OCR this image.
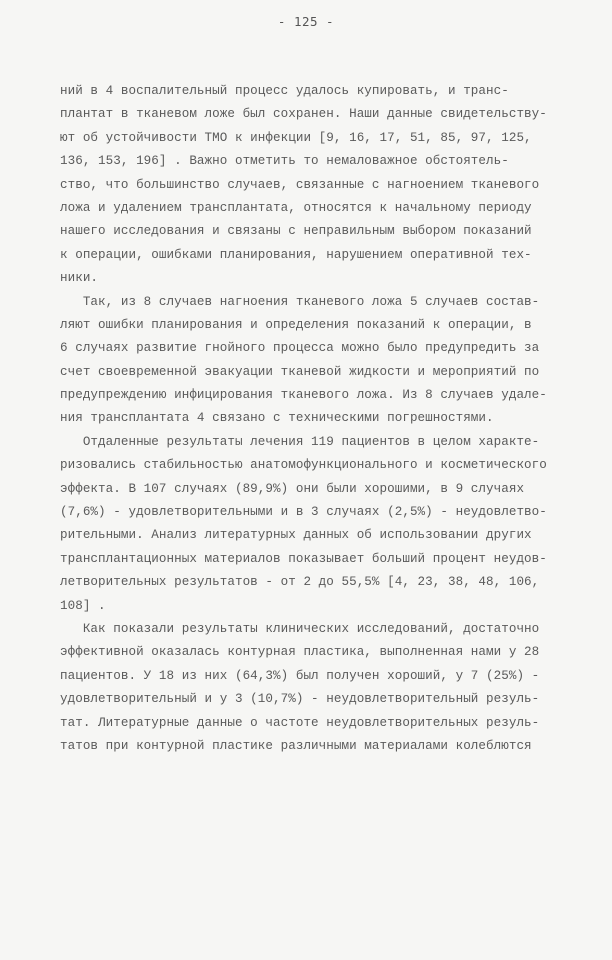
- 125 -
ний в 4 воспалительный процесс удалось купировать, и транс-
плантат в тканевом ложе был сохранен. Наши данные свидетельству-
ют об устойчивости ТМО к инфекции [9, 16, 17, 51, 85, 97, 125,
136, 153, 196] . Важно отметить то немаловажное обстоятель-
ство, что большинство случаев, связанные с нагноением тканевого
ложа и удалением трансплантата, относятся к начальному периоду
нашего исследования и связаны с неправильным выбором показаний
к операции, ошибками планирования, нарушением оперативной тех-
ники.
Так, из 8 случаев нагноения тканевого ложа 5 случаев состав-
ляют ошибки планирования и определения показаний к операции, в
6 случаях развитие гнойного процесса можно было предупредить за
счет своевременной эвакуации тканевой жидкости и мероприятий по
предупреждению инфицирования тканевого ложа. Из 8 случаев удале-
ния трансплантата 4 связано с техническими погрешностями.
Отдаленные результаты лечения 119 пациентов в целом характе-
ризовались стабильностью анатомофункционального и косметического
эффекта. В 107 случаях (89,9%) они были хорошими, в 9 случаях
(7,6%) - удовлетворительными и в 3 случаях (2,5%) - неудовлетво-
рительными. Анализ литературных данных об использовании других
трансплантационных материалов показывает больший процент неудов-
летворительных результатов - от 2 до 55,5% [4, 23, 38, 48, 106,
108] .
Как показали результаты клинических исследований, достаточно
эффективной оказалась контурная пластика, выполненная нами у 28
пациентов. У 18 из них (64,3%) был получен хороший, у 7 (25%) -
удовлетворительный и у 3 (10,7%) - неудовлетворительный резуль-
тат. Литературные данные о частоте неудовлетворительных резуль-
татов при контурной пластике различными материалами колеблются
